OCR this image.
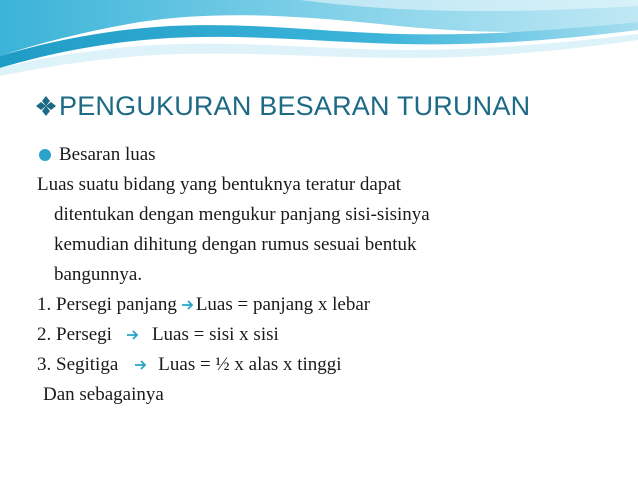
PENGUKURAN BESARAN TURUNAN
Besaran luas
Luas suatu bidang yang bentuknya teratur dapat
ditentukan dengan mengukur panjang sisi-sisinya
kemudian dihitung dengan rumus sesuai bentuk
bangunnya.
1. Persegi panjang Luas = panjang x lebar
2. Persegi Luas = sisi x sisi
3. Segitiga Luas = ½ x alas x tinggi
Dan sebagainya
